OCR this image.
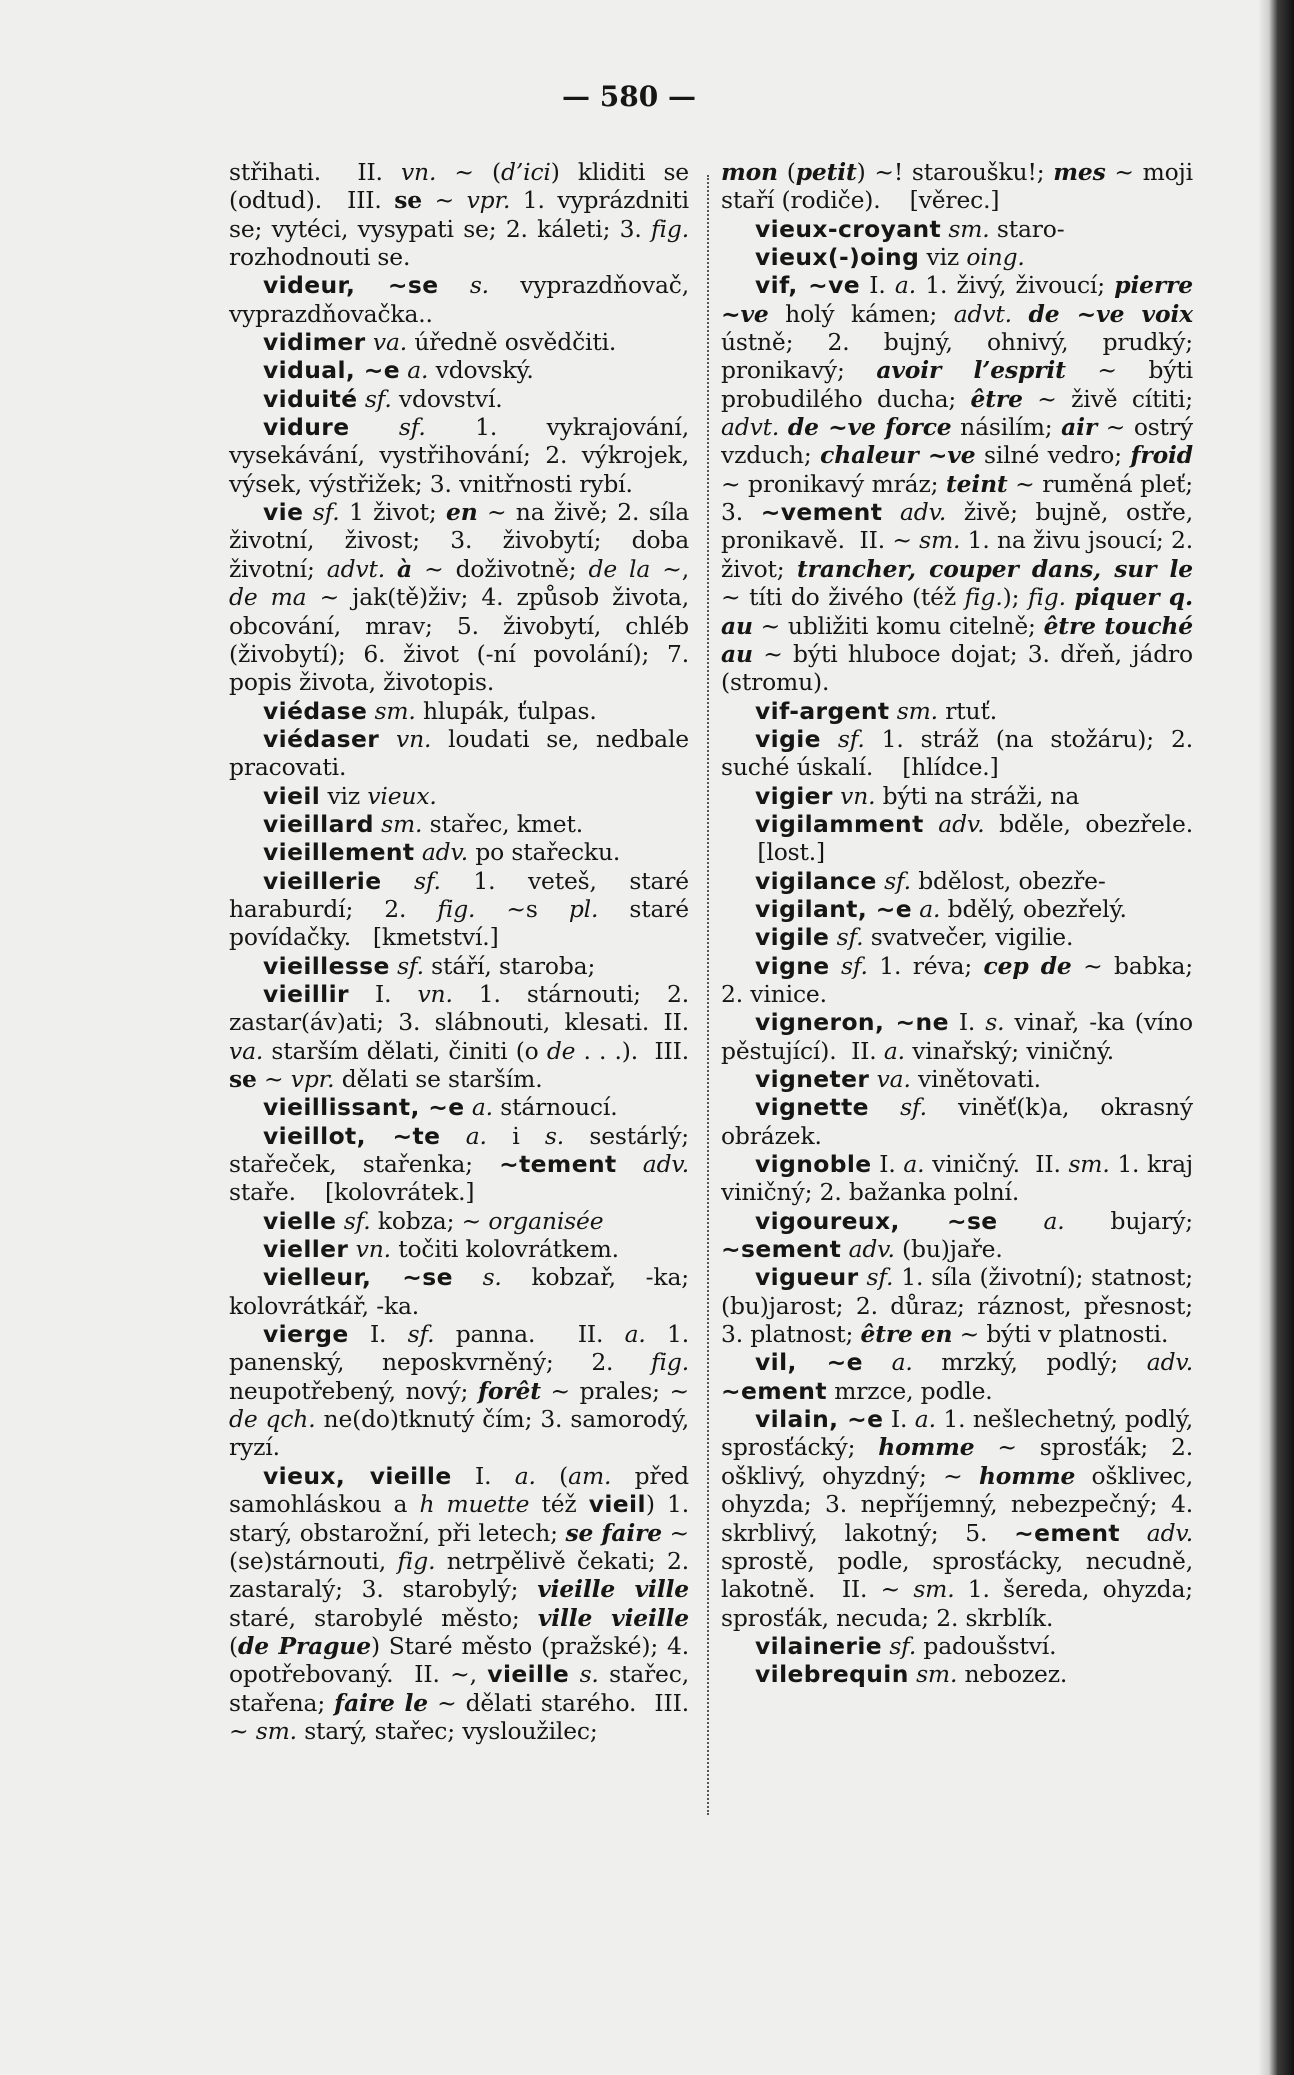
— 580 —

střihati.  II. vn. ~ (d’ici) kliditi se (odtud).  III. se ~ vpr. 1. vyprázdniti se; vytéci, vysypati se; 2. káleti; 3. fig. rozhodnouti se.

videur, ~se s. vyprazdňovač, vyprazdňovačka..

vidimer va. úředně osvědčiti.

vidual, ~e a. vdovský.

viduité sf. vdovství.

vidure sf. 1. vykrajování, vysekávání, vystřihování; 2. výkrojek, výsek, výstřižek; 3. vnitřnosti rybí.

vie sf. 1 život; en ~ na živě; 2. síla životní, živost; 3. živobytí; doba životní; advt. à ~ doživotně; de la ~, de ma ~ jak(tě)živ; 4. způsob života, obcování, mrav; 5. živobytí, chléb (živobytí); 6. život (-ní povolání); 7. popis života, životopis.

viédase sm. hlupák, ťulpas.

viédaser vn. loudati se, nedbale pracovati.

vieil viz vieux.

vieillard sm. stařec, kmet.

vieillement adv. po stařecku.

vieillerie sf. 1. veteš, staré haraburdí; 2. fig. ~s pl. staré povídačky.   [kmetství.]

vieillesse sf. stáří, staroba;

vieillir I. vn. 1. stárnouti; 2. zastar(áv)ati; 3. slábnouti, klesati. II. va. starším dělati, činiti (o de . . .).  III. se ~ vpr. dělati se starším.

vieillissant, ~e a. stárnoucí.

vieillot, ~te a. i s. sestárlý; stařeček, stařenka; ~tement adv. staře.    [kolovrátek.]

vielle sf. kobza; ~ organisée

vieller vn. točiti kolovrátkem.

vielleur, ~se s. kobzař, -ka; kolovrátkář, -ka.

vierge I. sf. panna.  II. a. 1. panenský, neposkvrněný; 2. fig. neupotřebený, nový; forêt ~ prales; ~ de qch. ne(do)tknutý čím; 3. samorodý, ryzí.

vieux, vieille I. a. (am. před samohláskou a h muette též vieil) 1. starý, obstarožní, při letech; se faire ~ (se)stárnouti, fig. netrpělivě čekati; 2. zastaralý; 3. starobylý; vieille ville staré, starobylé město; ville vieille (de Prague) Staré město (pražské); 4. opotřebovaný.  II. ~, vieille s. stařec, stařena; faire le ~ dělati starého.  III. ~ sm. starý, stařec; vysloužilec;

mon (petit) ~! staroušku!; mes ~ moji staří (rodiče).    [věrec.]

vieux-croyant sm. staro-

vieux(-)oing viz oing.

vif, ~ve I. a. 1. živý, živoucí; pierre ~ve holý kámen; advt. de ~ve voix ústně; 2. bujný, ohnivý, prudký; pronikavý; avoir l’esprit ~ býti probudilého ducha; être ~ živě cítiti; advt. de ~ve force násilím; air ~ ostrý vzduch; chaleur ~ve silné vedro; froid ~ pronikavý mráz; teint ~ ruměná pleť; 3. ~vement adv. živě; bujně, ostře, pronikavě.  II. ~ sm. 1. na živu jsoucí; 2. život; trancher, couper dans, sur le ~ títi do živého (též fig.); fig. piquer q. au ~ ubližiti komu citelně; être touché au ~ býti hluboce dojat; 3. dřeň, jádro (stromu).

vif-argent sm. rtuť.

vigie sf. 1. stráž (na stožáru); 2. suché úskalí.    [hlídce.]

vigier vn. býti na stráži, na

vigilamment adv. bděle, obezřele.      [lost.]

vigilance sf. bdělost, obezře-

vigilant, ~e a. bdělý, obezřelý.

vigile sf. svatvečer, vigilie.

vigne sf. 1. réva; cep de ~ babka; 2. vinice.

vigneron, ~ne I. s. vinař, -ka (víno pěstující).  II. a. vinařský; viničný.

vigneter va. vinětovati.

vignette sf. viněť(k)a, okrasný obrázek.

vignoble I. a. viničný.  II. sm. 1. kraj viničný; 2. bažanka polní.

vigoureux, ~se a. bujarý; ~sement adv. (bu)jaře.

vigueur sf. 1. síla (životní); statnost; (bu)jarost; 2. důraz; ráznost, přesnost; 3. platnost; être en ~ býti v platnosti.

vil, ~e a. mrzký, podlý; adv. ~ement mrzce, podle.

vilain, ~e I. a. 1. nešlechetný, podlý, sprosťácký; homme ~ sprosťák; 2. ošklivý, ohyzdný; ~ homme ošklivec, ohyzda; 3. nepříjemný, nebezpečný; 4. skrblivý, lakotný; 5. ~ement adv. sprostě, podle, sprosťácky, necudně, lakotně.  II. ~ sm. 1. šereda, ohyzda; sprosťák, necuda; 2. skrblík.

vilainerie sf. padoušství.

vilebrequin sm. nebozez.
